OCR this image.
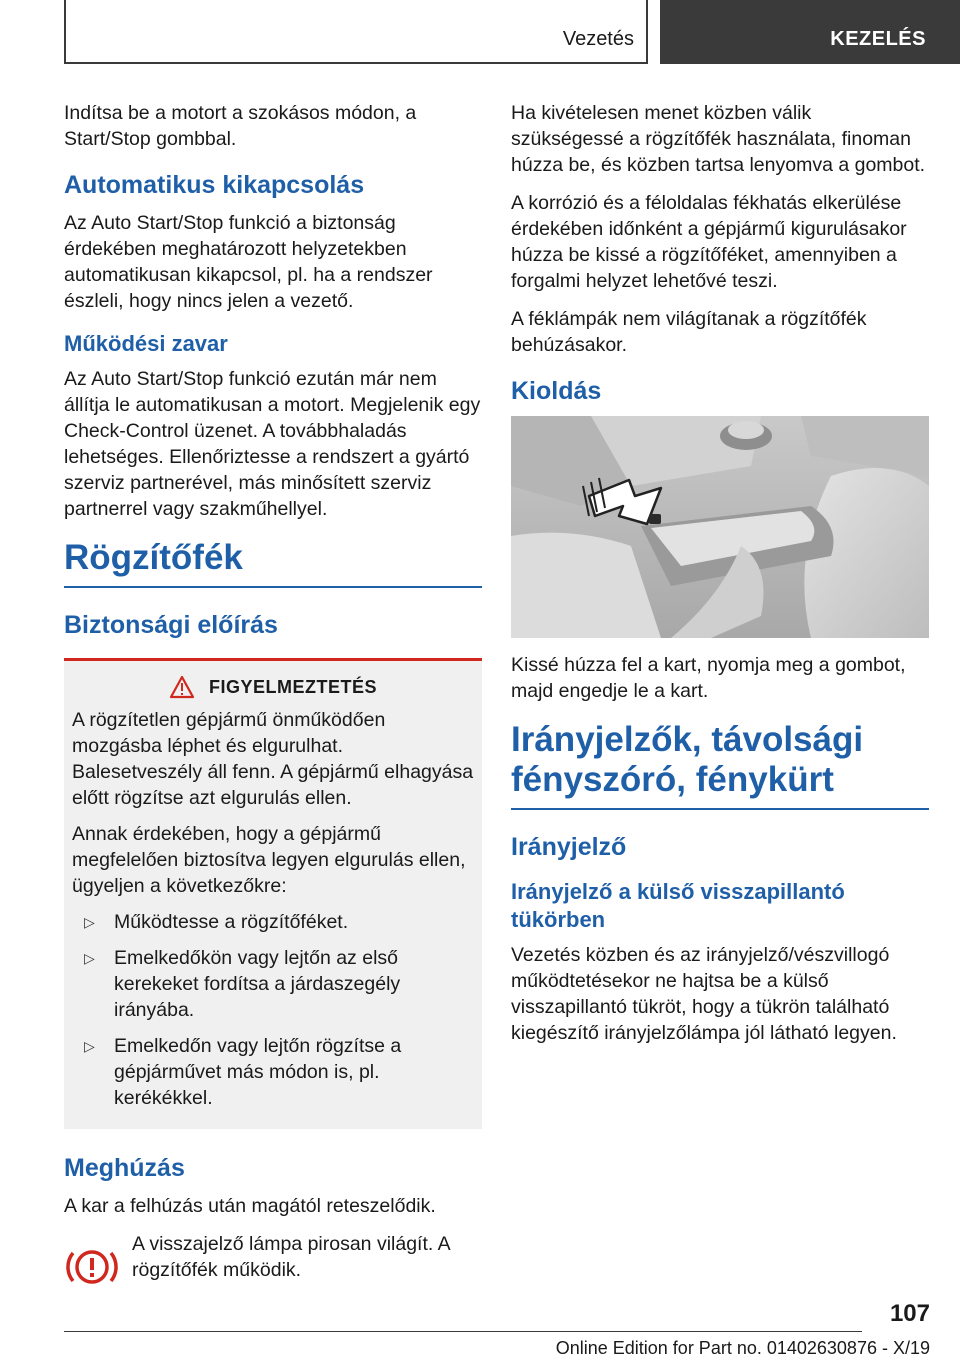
Vezetés	KEZELÉS

Indítsa be a motort a szokásos módon, a Start/Stop gombbal.

Automatikus kikapcsolás

Az Auto Start/Stop funkció a biztonság érdekében meghatározott helyzetekben automatikusan kikapcsol, pl. ha a rendszer észleli, hogy nincs jelen a vezető.

Működési zavar

Az Auto Start/Stop funkció ezután már nem állítja le automatikusan a motort. Megjelenik egy Check-Control üzenet. A továbbhaladás lehetséges. Ellenőriztesse a rendszert a gyártó szerviz partnerével, más minősített szerviz partnerrel vagy szakműhellyel.

Rögzítőfék
Biztonsági előírás
FIGYELMEZTETÉS

A rögzítetlen gépjármű önműködően mozgásba léphet és elgurulhat. Balesetveszély áll fenn. A gépjármű elhagyása előtt rögzítse azt elgurulás ellen.

Annak érdekében, hogy a gépjármű megfelelően biztosítva legyen elgurulás ellen, ügyeljen a következőkre:

▷ Működtesse a rögzítőféket.
▷ Emelkedőkön vagy lejtőn az első kerekeket fordítsa a járdaszegély irányába.
▷ Emelkedőn vagy lejtőn rögzítse a gépjárművet más módon is, pl. kerékékkel.
Meghúzás

A kar a felhúzás után magától reteszelődik.

A visszajelző lámpa pirosan világít. A rögzítőfék működik.

Ha kivételesen menet közben válik szükségessé a rögzítőfék használata, finoman húzza be, és közben tartsa lenyomva a gombot.

A korrózió és a féloldalas fékhatás elkerülése érdekében időnként a gépjármű kigurulásakor húzza be kissé a rögzítőféket, amennyiben a forgalmi helyzet lehetővé teszi.

A féklámpák nem világítanak a rögzítőfék behúzásakor.

Kioldás

Kissé húzza fel a kart, nyomja meg a gombot, majd engedje le a kart.

Irányjelzők, távolsági fényszóró, fénykürt
Irányjelző
Irányjelző a külső visszapillantó tükörben

Vezetés közben és az irányjelző/vészvillogó működtetésekor ne hajtsa be a külső visszapillantó tükröt, hogy a tükrön található kiegészítő irányjelzőlámpa jól látható legyen.

107
Online Edition for Part no. 01402630876 - X/19
